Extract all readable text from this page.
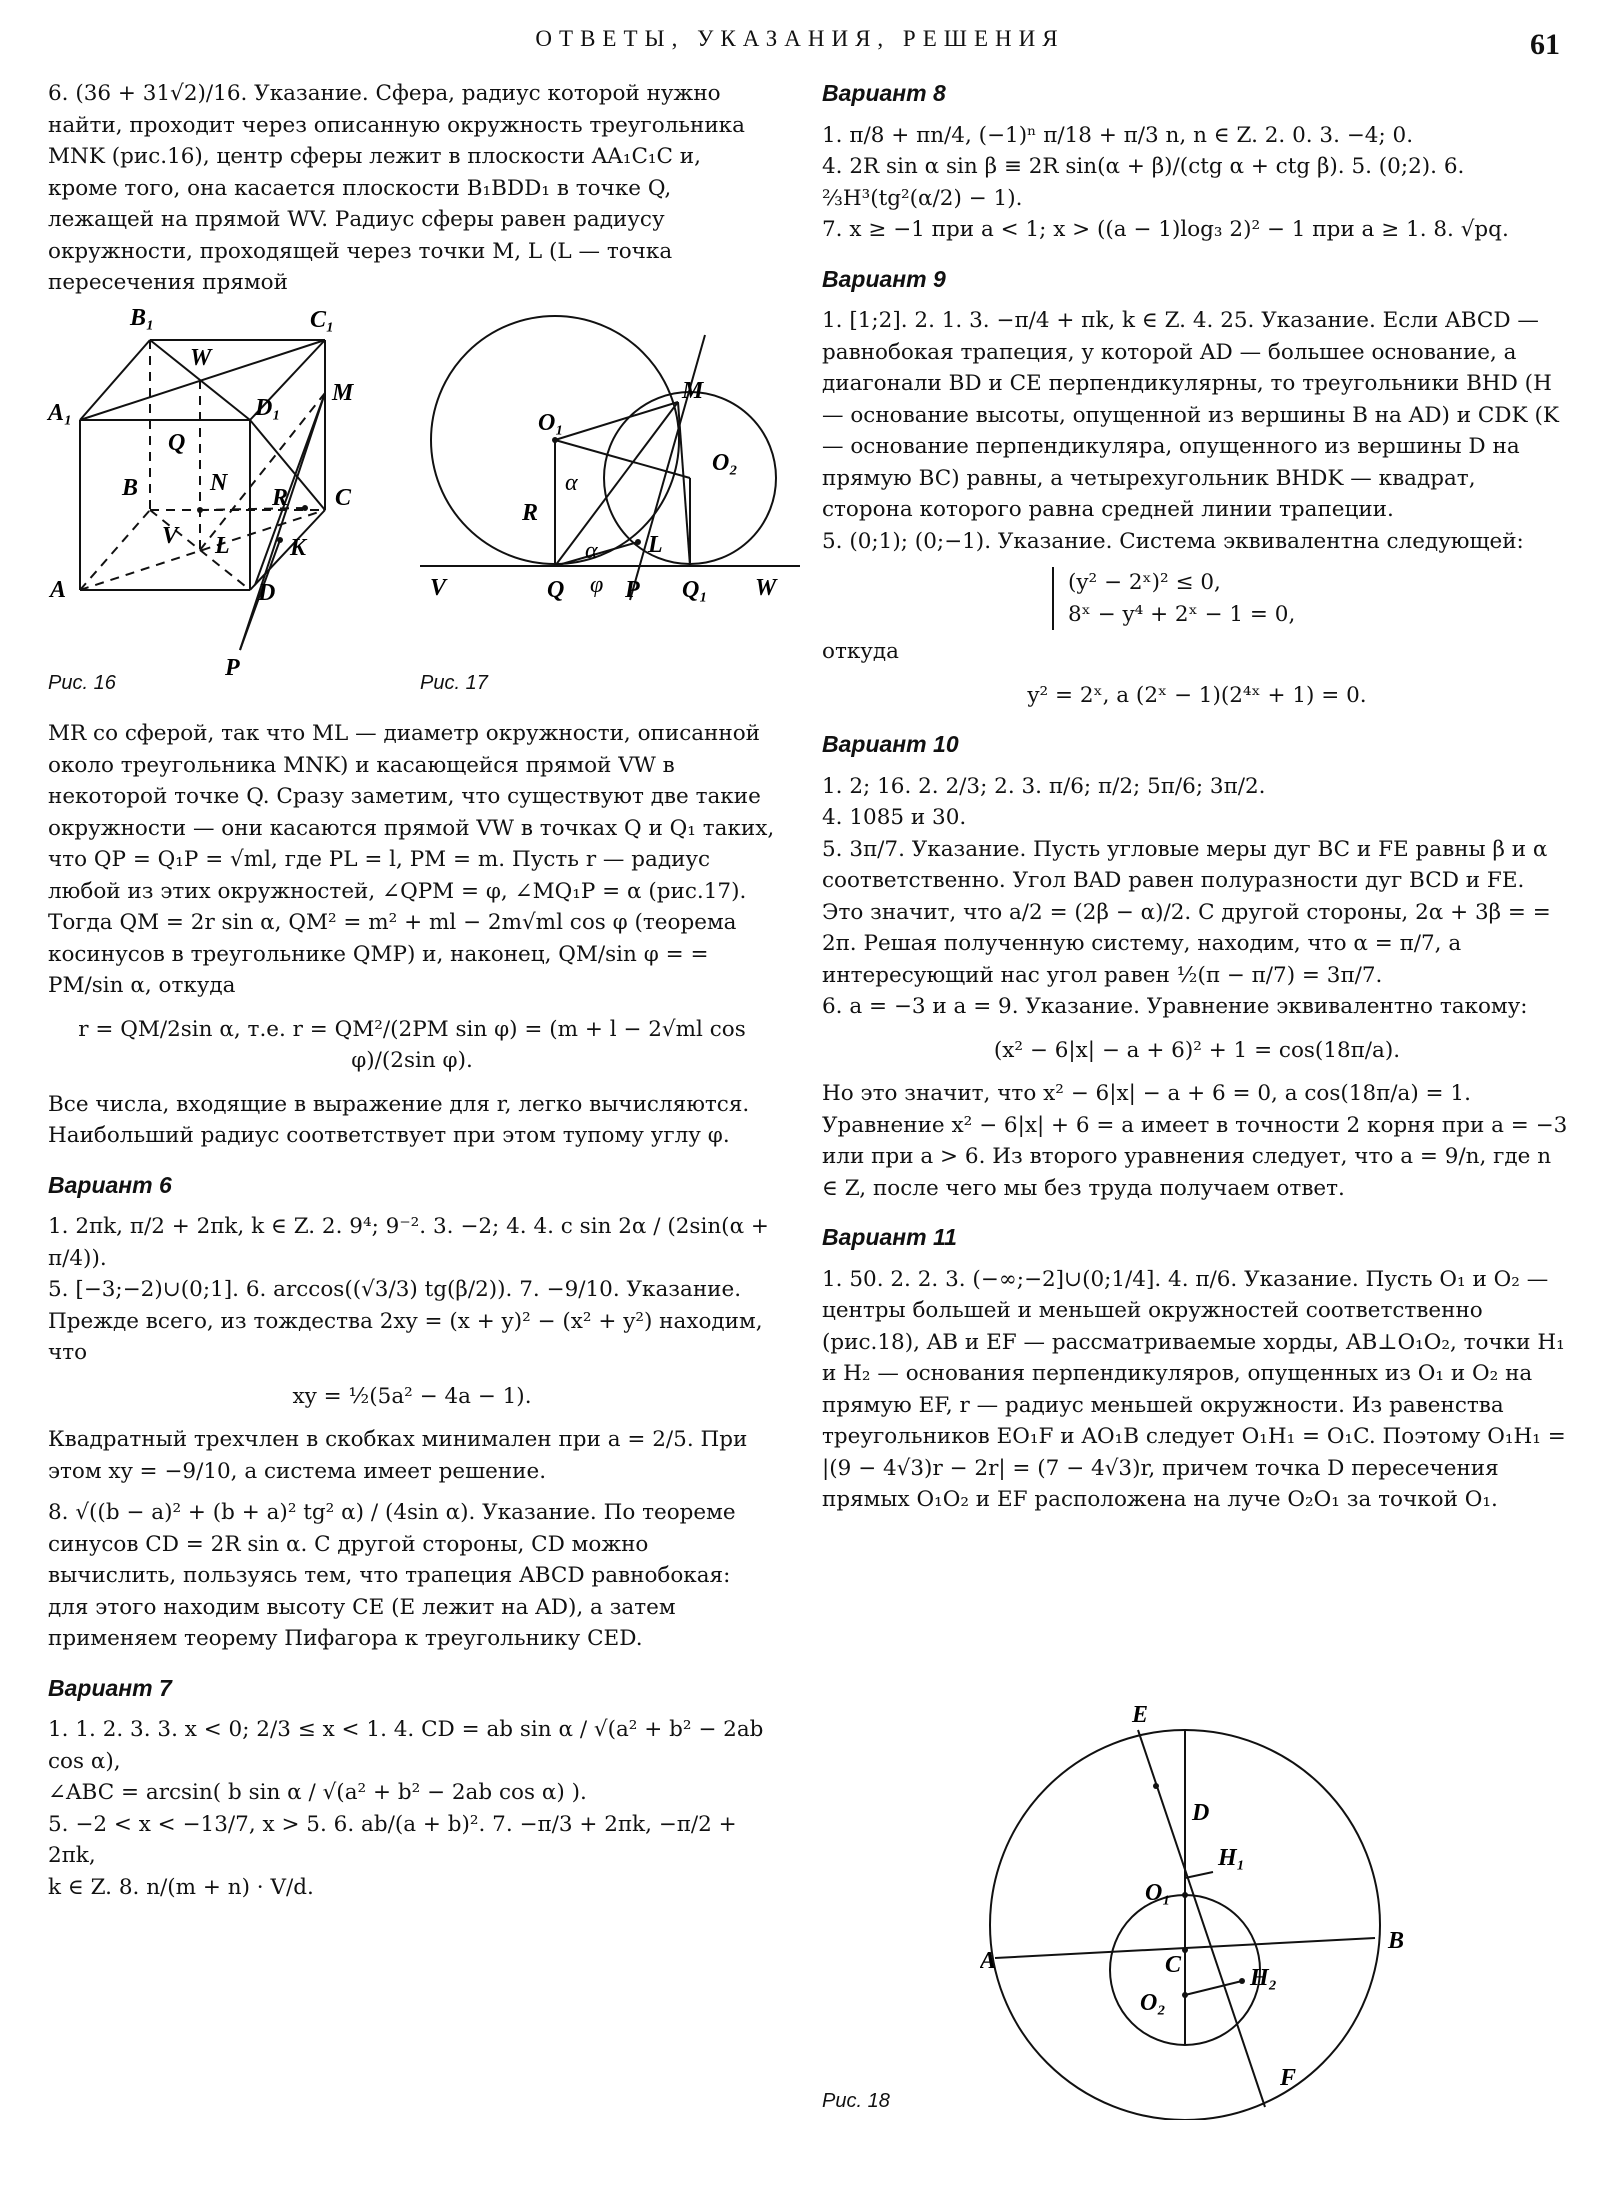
ОТВЕТЫ, УКАЗАНИЯ, РЕШЕНИЯ	61

6. (36 + 31√2)/16. Указание. Сфера, радиус которой нужно найти, проходит через описанную окружность треугольника MNK (рис.16), центр сферы лежит в плоскости AA₁C₁C и, кроме того, она касается плоскости B₁BDD₁ в точке Q, лежащей на прямой WV. Радиус сферы равен радиусу окружности, проходящей через точки M, L (L — точка пересечения прямой

B₁	C₁
W
A₁	D₁
M
Q
B	N
R C
V L	K
A	D
P
Рис. 16
O₁
O₂
M
R
α
α L
V	Q φ P Q₁ W
Рис. 17

MR со сферой, так что ML — диаметр окружности, описанной около треугольника MNK) и касающейся прямой VW в некоторой точке Q. Сразу заметим, что существуют две такие окружности — они касаются прямой VW в точках Q и Q₁ таких, что QP = Q₁P = √ml, где PL = l, PM = m. Пусть r — радиус любой из этих окружностей, ∠QPM = φ, ∠MQ₁P = α (рис.17). Тогда QM = 2r sin α, QM² = m² + ml − 2m√ml cos φ (теорема косинусов в треугольнике QMP) и, наконец, QM/sin φ = = PM/sin α, откуда

r = QM/2sin α, т.е. r = QM²/(2PM sin φ) = (m + l − 2√ml cos φ)/(2sin φ).

Все числа, входящие в выражение для r, легко вычисляются. Наибольший радиус соответствует при этом тупому углу φ.

Вариант 6

1. 2πk, π/2 + 2πk, k ∈ Z. 2. 9⁴; 9⁻². 3. −2; 4. 4. c sin 2α / (2sin(α + π/4)).

5. [−3;−2)∪(0;1]. 6. arccos((√3/3) tg(β/2)). 7. −9/10. Указание. Прежде всего, из тождества 2xy = (x + y)² − (x² + y²) находим, что

xy = ½(5a² − 4a − 1).

Квадратный трехчлен в скобках минимален при a = 2/5. При этом xy = −9/10, а система имеет решение.

8. √((b − a)² + (b + a)² tg² α) / (4sin α). Указание. По теореме синусов CD = 2R sin α. С другой стороны, CD можно вычислить, пользуясь тем, что трапеция ABCD равнобокая: для этого находим высоту CE (E лежит на AD), а затем применяем теорему Пифагора к треугольнику CED.

Вариант 7

1. 1. 2. 3. 3. x < 0; 2/3 ≤ x < 1. 4. CD = ab sin α / √(a² + b² − 2ab cos α),

∠ABC = arcsin( b sin α / √(a² + b² − 2ab cos α) ).

5. −2 < x < −13/7, x > 5. 6. ab/(a + b)². 7. −π/3 + 2πk, −π/2 + 2πk,

k ∈ Z. 8. n/(m + n) · V/d.

Вариант 8

1. π/8 + πn/4, (−1)ⁿ π/18 + π/3 n, n ∈ Z. 2. 0. 3. −4; 0.

4. 2R sin α sin β ≡ 2R sin(α + β)/(ctg α + ctg β). 5. (0;2). 6. ⅔H³(tg²(α/2) − 1).

7. x ≥ −1 при a < 1; x > ((a − 1)log₃ 2)² − 1 при a ≥ 1. 8. √pq.

Вариант 9

1. [1;2]. 2. 1. 3. −π/4 + πk, k ∈ Z. 4. 25. Указание. Если ABCD — равнобокая трапеция, у которой AD — большее основание, а диагонали BD и CE перпендикулярны, то треугольники BHD (H — основание высоты, опущенной из вершины B на AD) и CDK (K — основание перпендикуляра, опущенного из вершины D на прямую BC) равны, а четырехугольник BHDK — квадрат, сторона которого равна средней линии трапеции.

5. (0;1); (0;−1). Указание. Система эквивалентна следующей:

(y² − 2ˣ)² ≤ 0,
8ˣ − y⁴ + 2ˣ − 1 = 0,

откуда

y² = 2ˣ, а (2ˣ − 1)(2⁴ˣ + 1) = 0.
Вариант 10

1. 2; 16. 2. 2/3; 2. 3. π/6; π/2; 5π/6; 3π/2.

4. 1085 и 30.

5. 3π/7. Указание. Пусть угловые меры дуг BC и FE равны β и α соответственно. Угол BAD равен полуразности дуг BCD и FE. Это значит, что a/2 = (2β − α)/2. С другой стороны, 2α + 3β = = 2π. Решая полученную систему, находим, что α = π/7, а интересующий нас угол равен ½(π − π/7) = 3π/7.

6. a = −3 и a = 9. Указание. Уравнение эквивалентно такому:

(x² − 6|x| − a + 6)² + 1 = cos(18π/a).

Но это значит, что x² − 6|x| − a + 6 = 0, а cos(18π/a) = 1. Уравнение x² − 6|x| + 6 = a имеет в точности 2 корня при a = −3 или при a > 6. Из второго уравнения следует, что a = 9/n, где n ∈ Z, после чего мы без труда получаем ответ.

Вариант 11

1. 50. 2. 2. 3. (−∞;−2]∪(0;1/4]. 4. π/6. Указание. Пусть O₁ и O₂ — центры большей и меньшей окружностей соответственно (рис.18), AB и EF — рассматриваемые хорды, AB⊥O₁O₂, точки H₁ и H₂ — основания перпендикуляров, опущенных из O₁ и O₂ на прямую EF, r — радиус меньшей окружности. Из равенства треугольников EO₁F и AO₁B следует O₁H₁ = O₁C. Поэтому O₁H₁ = |(9 − 4√3)r − 2r| = (7 − 4√3)r, причем точка D пересечения прямых O₁O₂ и EF расположена на луче O₂O₁ за точкой O₁.

E
D
H₁
O₁
A
B
C	H₂
O₂
F
Рис. 18
